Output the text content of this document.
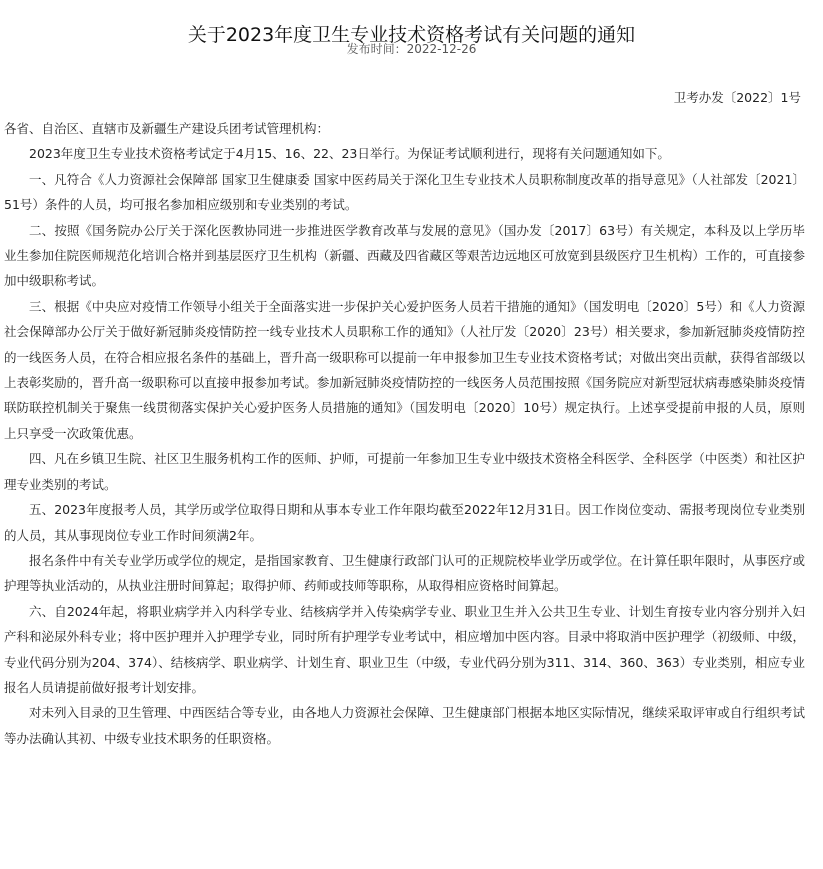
关于2023年度卫生专业技术资格考试有关问题的通知
发布时间：2022-12-26
卫考办发〔2022〕1号

各省、自治区、直辖市及新疆生产建设兵团考试管理机构：

2023年度卫生专业技术资格考试定于4月15、16、22、23日举行。为保证考试顺利进行，现将有关问题通知如下。

一、凡符合《人力资源社会保障部 国家卫生健康委 国家中医药局关于深化卫生专业技术人员职称制度改革的指导意见》（人社部发〔2021〕51号）条件的人员，均可报名参加相应级别和专业类别的考试。

二、按照《国务院办公厅关于深化医教协同进一步推进医学教育改革与发展的意见》（国办发〔2017〕63号）有关规定，本科及以上学历毕业生参加住院医师规范化培训合格并到基层医疗卫生机构（新疆、西藏及四省藏区等艰苦边远地区可放宽到县级医疗卫生机构）工作的，可直接参加中级职称考试。

三、根据《中央应对疫情工作领导小组关于全面落实进一步保护关心爱护医务人员若干措施的通知》（国发明电〔2020〕5号）和《人力资源社会保障部办公厅关于做好新冠肺炎疫情防控一线专业技术人员职称工作的通知》（人社厅发〔2020〕23号）相关要求，参加新冠肺炎疫情防控的一线医务人员，在符合相应报名条件的基础上，晋升高一级职称可以提前一年申报参加卫生专业技术资格考试；对做出突出贡献，获得省部级以上表彰奖励的，晋升高一级职称可以直接申报参加考试。参加新冠肺炎疫情防控的一线医务人员范围按照《国务院应对新型冠状病毒感染肺炎疫情联防联控机制关于聚焦一线贯彻落实保护关心爱护医务人员措施的通知》（国发明电〔2020〕10号）规定执行。上述享受提前申报的人员，原则上只享受一次政策优惠。

四、凡在乡镇卫生院、社区卫生服务机构工作的医师、护师，可提前一年参加卫生专业中级技术资格全科医学、全科医学（中医类）和社区护理专业类别的考试。

五、2023年度报考人员，其学历或学位取得日期和从事本专业工作年限均截至2022年12月31日。因工作岗位变动、需报考现岗位专业类别的人员，其从事现岗位专业工作时间须满2年。

报名条件中有关专业学历或学位的规定，是指国家教育、卫生健康行政部门认可的正规院校毕业学历或学位。在计算任职年限时，从事医疗或护理等执业活动的，从执业注册时间算起；取得护师、药师或技师等职称，从取得相应资格时间算起。

六、自2024年起，将职业病学并入内科学专业、结核病学并入传染病学专业、职业卫生并入公共卫生专业、计划生育按专业内容分别并入妇产科和泌尿外科专业；将中医护理并入护理学专业，同时所有护理学专业考试中，相应增加中医内容。目录中将取消中医护理学（初级师、中级，专业代码分别为204、374）、结核病学、职业病学、计划生育、职业卫生（中级，专业代码分别为311、314、360、363）专业类别，相应专业报名人员请提前做好报考计划安排。

对未列入目录的卫生管理、中西医结合等专业，由各地人力资源社会保障、卫生健康部门根据本地区实际情况，继续采取评审或自行组织考试等办法确认其初、中级专业技术职务的任职资格。
